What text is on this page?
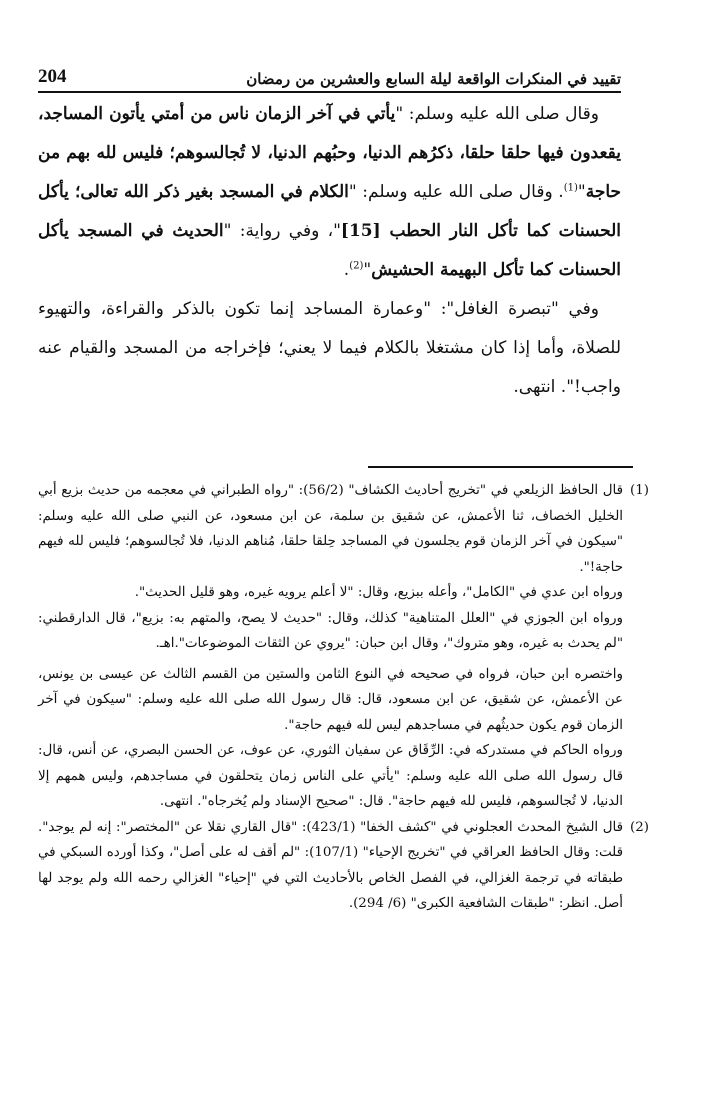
تقييد في المنكرات الواقعة ليلة السابع والعشرين من رمضان
204

وقال صلى الله عليه وسلم: "يأتي في آخر الزمان ناس من أمتي يأتون المساجد، يقعدون فيها حلقا حلقا، ذكرُهم الدنيا، وحبُهم الدنيا، لا تُجالسوهم؛ فليس لله بهم من حاجة"$^{(1)}$. وقال صلى الله عليه وسلم: "الكلام في المسجد بغير ذكر الله تعالى؛ يأكل الحسنات كما تأكل النار الحطب [15]"، وفي رواية: "الحديث في المسجد يأكل الحسنات كما تأكل البهيمة الحشيش"$^{(2)}$.

وفي "تبصرة الغافل": "وعمارة المساجد إنما تكون بالذكر والقراءة، والتهيوء للصلاة، وأما إذا كان مشتغلا بالكلام فيما لا يعني؛ فإخراجه من المسجد والقيام عنه واجب!". انتهى.

(1)

قال الحافظ الزيلعي في "تخريج أحاديث الكشاف" (56/2): "رواه الطبراني في معجمه من حديث بزيع أبي الخليل الخصاف، ثنا الأعمش، عن شقيق بن سلمة، عن ابن مسعود، عن النبي صلى الله عليه وسلم: "سيكون في آخر الزمان قوم يجلسون في المساجد حِلقا حلقا، مُناهم الدنيا، فلا تُجالسوهم؛ فليس لله فيهم حاجة!".

ورواه ابن عدي في "الكامل"، وأعله ببزيع، وقال: "لا أعلم يرويه غيره، وهو قليل الحديث".

ورواه ابن الجوزي في "العلل المتناهية" كذلك، وقال: "حديث لا يصح، والمتهم به: بزيع"، قال الدارقطني: "لم يحدث به غيره، وهو متروك"، وقال ابن حبان: "يروي عن الثقات الموضوعات".اهـ.

واختصره ابن حبان، فرواه في صحيحه في النوع الثامن والستين من القسم الثالث عن عيسى بن يونس، عن الأعمش، عن شقيق، عن ابن مسعود، قال: قال رسول الله صلى الله عليه وسلم: "سيكون في آخر الزمان قوم يكون حديثُهم في مساجدهم ليس لله فيهم حاجة".

ورواه الحاكم في مستدركه في: الرِّقَاق عن سفيان الثوري، عن عوف، عن الحسن البصري، عن أنس، قال: قال رسول الله صلى الله عليه وسلم: "يأتي على الناس زمان يتحلقون في مساجدهم، وليس همهم إلا الدنيا، لا تُجالسوهم، فليس لله فيهم حاجة". قال: "صحيح الإسناد ولم يُخرجاه". انتهى.

(2)

قال الشيخ المحدث العجلوني في "كشف الخفا" (423/1): "قال القاري نقلا عن "المختصر": إنه لم يوجد". قلت: وقال الحافظ العراقي في "تخريج الإحياء" (107/1): "لم أقف له على أصل"، وكذا أورده السبكي في طبقاته في ترجمة الغزالي، في الفصل الخاص بالأحاديث التي في "إحياء" الغزالي رحمه الله ولم يوجد لها أصل. انظر: "طبقات الشافعية الكبرى" (6/ 294).
